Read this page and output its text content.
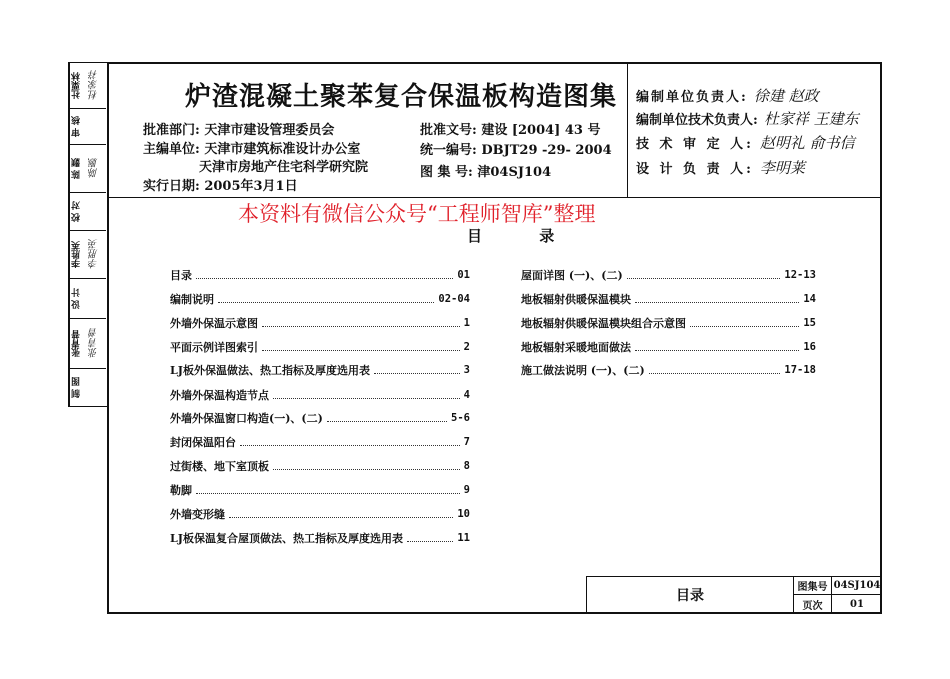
社粟林 杜家祥
审 核
陈 颢 陈颢
校 对
李胜英 李胜英
设 计
张青普 张青普
制 图
炉渣混凝土聚苯复合保温板构造图集
批准部门: 天津市建设管理委员会
主编单位: 天津市建筑标准设计办公室
天津市房地产住宅科学研究院
实行日期: 2005年3月1日
批准文号: 建设 [2004] 43 号
统一编号: DBJT29 -29- 2004
图 集 号: 津04SJ104
编制单位负责人: 徐建 赵政
编制单位技术负责人: 杜家祥 王建东
技 术 审 定 人: 赵明礼 俞书信
设 计 负 责 人: 李明莱
本资料有微信公众号“工程师智库”整理
目 录
目录	01
编制说明	02-04
外墙外保温示意图	1
平面示例详图索引	2
LJ板外保温做法、热工指标及厚度选用表	3
外墙外保温构造节点	4
外墙外保温窗口构造(一)、(二)	5-6
封闭保温阳台	7
过街楼、地下室顶板	8
勒脚	9
外墙变形缝	10
LJ板保温复合屋顶做法、热工指标及厚度选用表	11
屋面详图 (一)、(二)	12-13
地板辐射供暖保温模块	14
地板辐射供暖保温模块组合示意图	15
地板辐射采暖地面做法	16
施工做法说明 (一)、(二)	17-18
目录
图集号 04SJ104
页次	01
